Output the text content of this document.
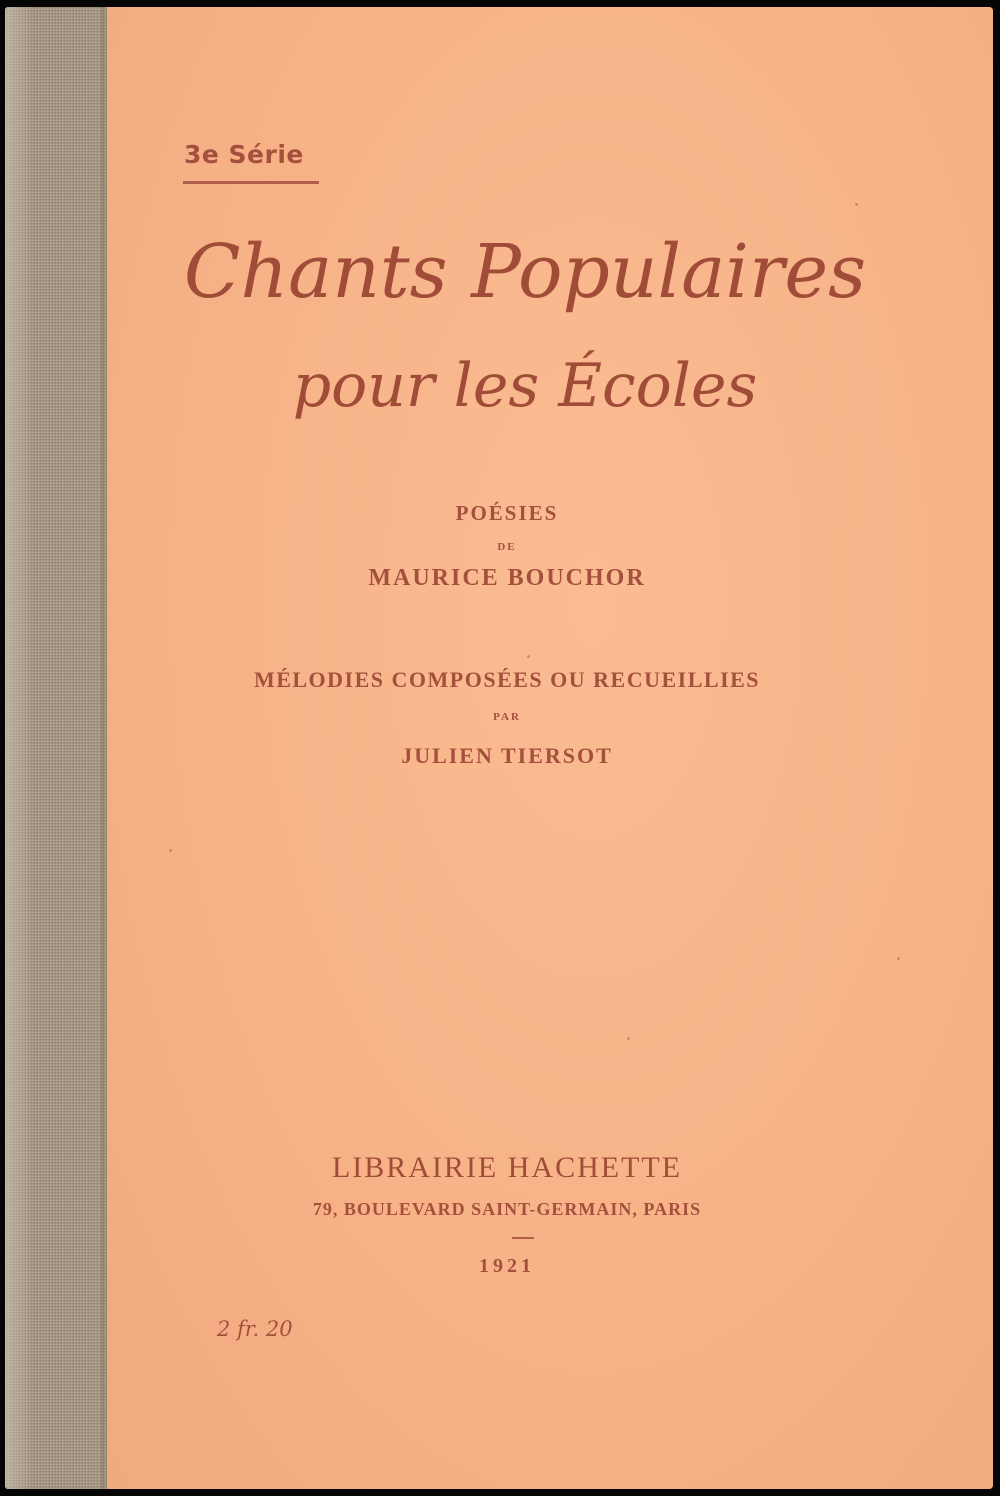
3e Série
Chants Populaires
pour les Écoles
POÉSIES
DE
MAURICE BOUCHOR
MÉLODIES COMPOSÉES OU RECUEILLIES
PAR
JULIEN TIERSOT
LIBRAIRIE HACHETTE
79, BOULEVARD SAINT-GERMAIN, PARIS
1921
2 fr. 20
